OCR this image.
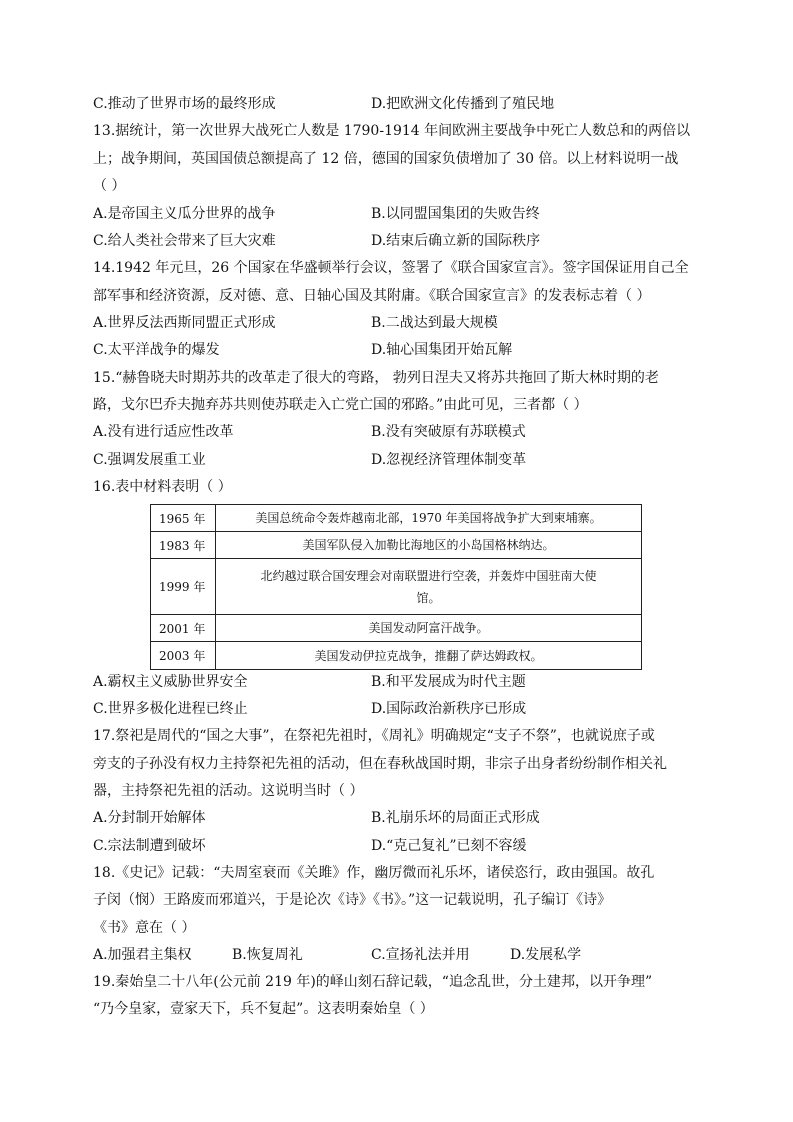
C.推动了世界市场的最终形成	D.把欧洲文化传播到了殖民地
13.据统计，第一次世界大战死亡人数是 1790-1914 年间欧洲主要战争中死亡人数总和的两倍以
上；战争期间，英国国债总额提高了 12 倍，德国的国家负债增加了 30 倍。以上材料说明一战
（ ）
A.是帝国主义瓜分世界的战争	B.以同盟国集团的失败告终
C.给人类社会带来了巨大灾难	D.结束后确立新的国际秩序
14.1942 年元旦，26 个国家在华盛顿举行会议，签署了《联合国家宣言》。签字国保证用自己全
部军事和经济资源，反对德、意、日轴心国及其附庸。《联合国家宣言》的发表标志着（ ）
A.世界反法西斯同盟正式形成	B.二战达到最大规模
C.太平洋战争的爆发	D.轴心国集团开始瓦解
15.“赫鲁晓夫时期苏共的改革走了很大的弯路， 勃列日涅夫又将苏共拖回了斯大林时期的老
路，戈尔巴乔夫抛弃苏共则使苏联走入亡党亡国的邪路。”由此可见，三者都（ ）
A.没有进行适应性改革	B.没有突破原有苏联模式
C.强调发展重工业	D.忽视经济管理体制变革
16.表中材料表明（ ）
1965 年	美国总统命令轰炸越南北部，1970 年美国将战争扩大到柬埔寨。
1983 年	美国军队侵入加勒比海地区的小岛国格林纳达。
1999 年	北约越过联合国安理会对南联盟进行空袭，并轰炸中国驻南大使
馆。

2001 年	美国发动阿富汗战争。
2003 年	美国发动伊拉克战争，推翻了萨达姆政权。
A.霸权主义威胁世界安全	B.和平发展成为时代主题
C.世界多极化进程已终止	D.国际政治新秩序已形成
17.祭祀是周代的“国之大事”，在祭祀先祖时，《周礼》明确规定“支子不祭”，也就说庶子或
旁支的子孙没有权力主持祭祀先祖的活动，但在春秋战国时期，非宗子出身者纷纷制作相关礼
器，主持祭祀先祖的活动。这说明当时（ ）
A.分封制开始解体	B.礼崩乐坏的局面正式形成
C.宗法制遭到破坏	D.“克己复礼”已刻不容缓
18.《史记》记载：“夫周室衰而《关雎》作，幽厉微而礼乐坏，诸侯恣行，政由强国。故孔
子闵（悯）王路废而邪道兴，于是论次《诗》《书》。”这一记载说明，孔子编订《诗》
《书》意在（ ）
A.加强君主集权	B.恢复周礼	C.宣扬礼法并用	D.发展私学
19.秦始皇二十八年(公元前 219 年)的峄山刻石辞记载，“追念乱世，分土建邦，以开争理”
“乃今皇家，壹家天下，兵不复起”。这表明秦始皇（ ）
